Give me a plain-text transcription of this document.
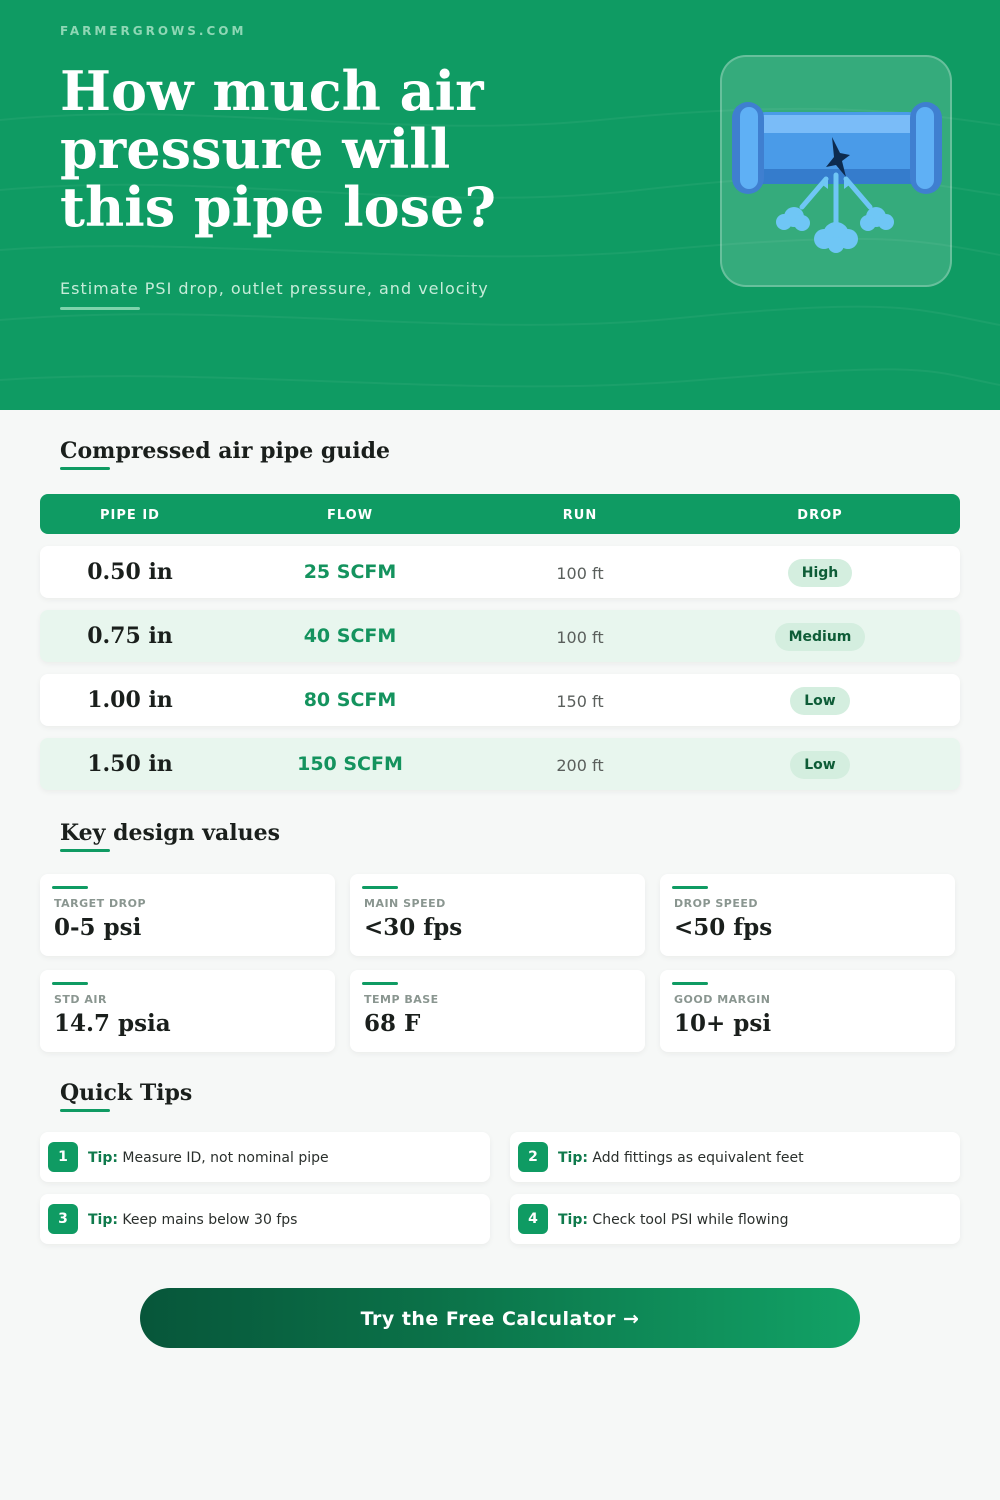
FARMERGROWS.COM
How much air pressure will this pipe lose?
Estimate PSI drop, outlet pressure, and velocity
Compressed air pipe guide
PIPE ID	FLOW	RUN	DROP
0.50 in	25 SCFM	100 ft	High
0.75 in	40 SCFM	100 ft	Medium
1.00 in	80 SCFM	150 ft	Low
1.50 in	150 SCFM	200 ft	Low
Key design values
TARGET DROP
0-5 psi
MAIN SPEED
<30 fps
DROP SPEED
<50 fps
STD AIR
14.7 psia
TEMP BASE
68 F
GOOD MARGIN
10+ psi
Quick Tips
1	Tip: Measure ID, not nominal pipe	2	Tip: Add fittings as equivalent feet
3	Tip: Keep mains below 30 fps	4	Tip: Check tool PSI while flowing
Try the Free Calculator →
